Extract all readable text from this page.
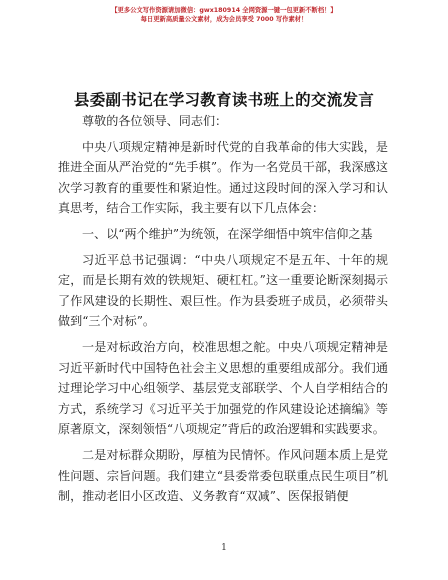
【更多公文写作资源请加微信：gwx180914 全网资源一键一包更新不断档！】
每日更新高质量公文素材，成为会员享受 7000 写作素材！
县委副书记在学习教育读书班上的交流发言

尊敬的各位领导、同志们：

中央八项规定精神是新时代党的自我革命的伟大实践，是推进全面从严治党的“先手棋”。作为一名党员干部，我深感这次学习教育的重要性和紧迫性。通过这段时间的深入学习和认真思考，结合工作实际，我主要有以下几点体会：

一、以“两个维护”为统领，在深学细悟中筑牢信仰之基

习近平总书记强调：“中央八项规定不是五年、十年的规定，而是长期有效的铁规矩、硬杠杠。”这一重要论断深刻揭示了作风建设的长期性、艰巨性。作为县委班子成员，必须带头做到“三个对标”。

一是对标政治方向，校准思想之舵。中央八项规定精神是习近平新时代中国特色社会主义思想的重要组成部分。我们通过理论学习中心组领学、基层党支部联学、个人自学相结合的方式，系统学习《习近平关于加强党的作风建设论述摘编》等原著原文，深刻领悟“八项规定”背后的政治逻辑和实践要求。

二是对标群众期盼，厚植为民情怀。作风问题本质上是党性问题、宗旨问题。我们建立“县委常委包联重点民生项目”机制，推动老旧小区改造、义务教育“双减”、医保报销便

1
